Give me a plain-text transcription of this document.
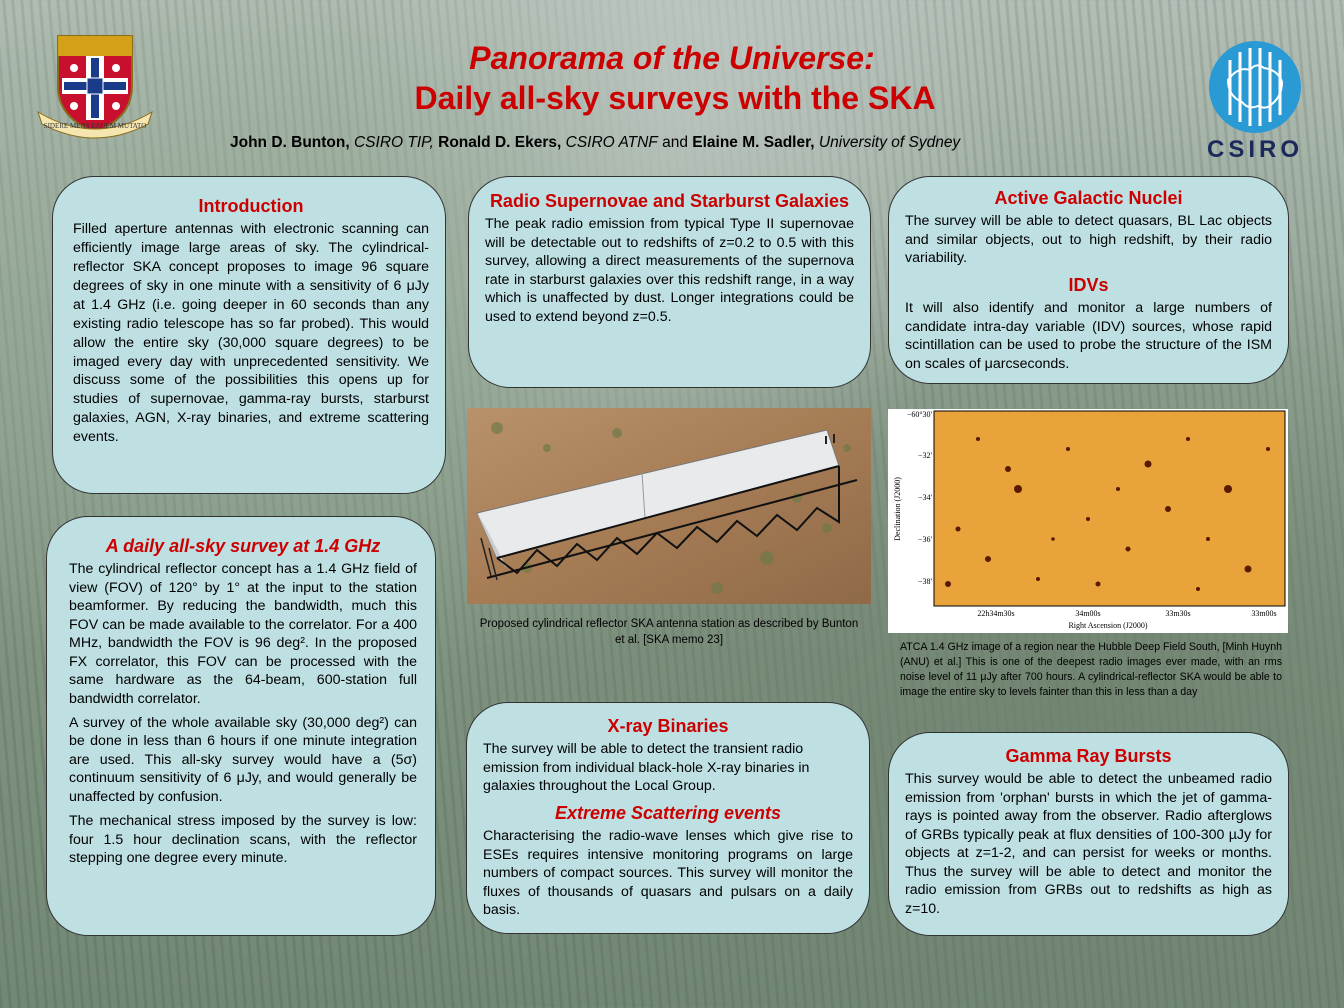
SIDERE MENS EADEM MUTATO
CSIRO
Panorama of the Universe:
Daily all-sky surveys with the SKA
John D. Bunton, CSIRO TIP, Ronald D. Ekers, CSIRO ATNF and Elaine M. Sadler, University of Sydney
Introduction

Filled aperture antennas with electronic scanning can efficiently image large areas of sky. The cylindrical-reflector SKA concept proposes to image 96 square degrees of sky in one minute with a sensitivity of 6 μJy at 1.4 GHz (i.e. going deeper in 60 seconds than any existing radio telescope has so far probed). This would allow the entire sky (30,000 square degrees) to be imaged every day with unprecedented sensitivity. We discuss some of the possibilities this opens up for studies of supernovae, gamma-ray bursts, starburst galaxies, AGN, X-ray binaries, and extreme scattering events.

A daily all-sky survey at 1.4 GHz

The cylindrical reflector concept has a 1.4 GHz field of view (FOV) of 120° by 1° at the input to the station beamformer. By reducing the bandwidth, much this FOV can be made available to the correlator. For a 400 MHz, bandwidth the FOV is 96 deg². In the proposed FX correlator, this FOV can be processed with the same hardware as the 64-beam, 600-station full bandwidth correlator.

A survey of the whole available sky (30,000 deg²) can be done in less than 6 hours if one minute integration are used. This all-sky survey would have a (5σ) continuum sensitivity of 6 μJy, and would generally be unaffected by confusion.

The mechanical stress imposed by the survey is low: four 1.5 hour declination scans, with the reflector stepping one degree every minute.

Radio Supernovae and Starburst Galaxies

The peak radio emission from typical Type II supernovae will be detectable out to redshifts of z=0.2 to 0.5 with this survey, allowing a direct measurements of the supernova rate in starburst galaxies over this redshift range, in a way which is unaffected by dust. Longer integrations could be used to extend beyond z=0.5.

Active Galactic Nuclei

The survey will be able to detect quasars, BL Lac objects and similar objects, out to high redshift, by their radio variability.

IDVs

It will also identify and monitor a large numbers of candidate intra-day variable (IDV) sources, whose rapid scintillation can be used to probe the structure of the ISM on scales of μarcseconds.

Proposed cylindrical reflector SKA antenna station as described by Bunton et al. [SKA memo 23]
−60°30'
−32'
−34'
−36'
−38'
22h34m30s	34m00s	33m30s	33m00s
Right Ascension (J2000)
Declination (J2000)
ATCA 1.4 GHz image of a region near the Hubble Deep Field South, [Minh Huynh (ANU) et al.] This is one of the deepest radio images ever made, with an rms noise level of 11 μJy after 700 hours. A cylindrical-reflector SKA would be able to image the entire sky to levels fainter than this in less than a day
X-ray Binaries

The survey will be able to detect the transient radio emission from individual black-hole X-ray binaries in galaxies throughout the Local Group.

Extreme Scattering events

Characterising the radio-wave lenses which give rise to ESEs requires intensive monitoring programs on large numbers of compact sources. This survey will monitor the fluxes of thousands of quasars and pulsars on a daily basis.

Gamma Ray Bursts

This survey would be able to detect the unbeamed radio emission from 'orphan' bursts in which the jet of gamma-rays is pointed away from the observer. Radio afterglows of GRBs typically peak at flux densities of 100-300 µJy for objects at z=1-2, and can persist for weeks or months. Thus the survey will be able to detect and monitor the radio emission from GRBs out to redshifts as high as z=10.
